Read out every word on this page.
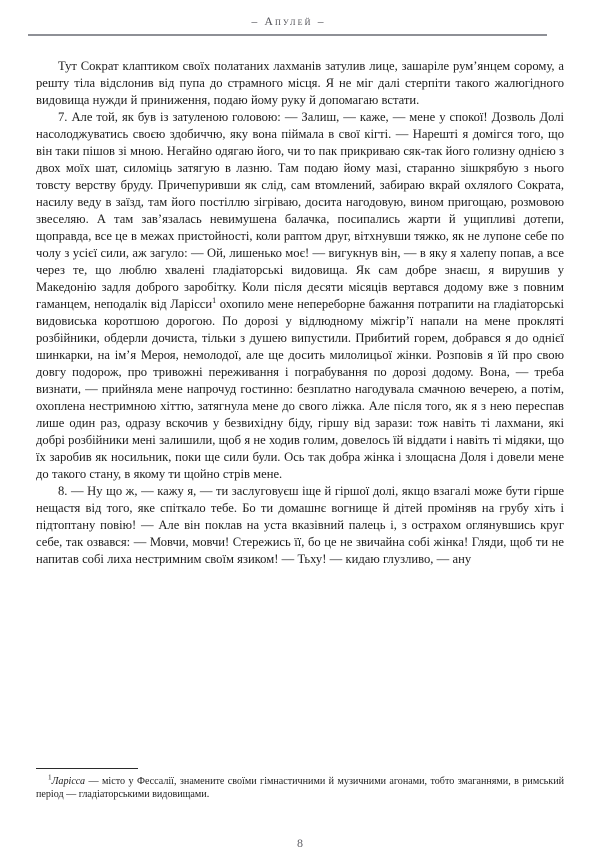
– Апулей –

Тут Сократ клаптиком своїх полатаних лахманів затулив лице, зашаріле рум’янцем сорому, а решту тіла відслонив від пупа до страмного місця. Я не міг далі стерпіти такого жалюгідного видовища нужди й приниження, подаю йому руку й допомагаю встати.

7. Але той, як був із затуленою головою: — Залиш, — каже, — мене у спокої! Дозволь Долі насолоджуватись своєю здобиччю, яку вона піймала в свої кігті. — Нарешті я домігся того, що він таки пішов зі мною. Негайно одягаю його, чи то пак прикриваю сяк-так його голизну однією з двох моїх шат, силоміць затягую в лазню. Там подаю йому мазі, старанно зішкрябую з нього товсту верству бруду. Причепуривши як слід, сам втомлений, забираю вкрай охлялого Сократа, насилу веду в заїзд, там його постіллю зігріваю, досита нагодовую, вином пригощаю, розмовою звеселяю. А там зав’язалась невимушена балачка, посипались жарти й ущипливі дотепи, щоправда, все це в межах пристойності, коли раптом друг, вітхнувши тяжко, як не лупоне себе по чолу з усієї сили, аж загуло: — Ой, лишенько моє! — вигукнув він, — в яку я халепу попав, а все через те, що люблю хвалені гладіаторські видовища. Як сам добре знаєш, я вирушив у Македонію задля доброго заробітку. Коли після десяти місяців вертався додому вже з повним гаманцем, неподалік від Ларісси$^1$ охопило мене непереборне бажання потрапити на гладіаторські видовиська коротшою дорогою. По дорозі у відлюдному міжгір’ї напали на мене прокляті розбійники, обдерли дочиста, тільки з душею випустили. Прибитий горем, добрався я до однієї шинкарки, на ім’я Мероя, немолодої, але ще досить милолицьої жінки. Розповів я їй про свою довгу подорож, про тривожні переживання і пограбування по дорозі додому. Вона, — треба визнати, — прийняла мене напрочуд гостинно: безплатно нагодувала смачною вечерею, а потім, охоплена нестримною хіттю, затягнула мене до свого ліжка. Але після того, як я з нею переспав лише один раз, одразу вскочив у безвихідну біду, гіршу від зарази: тож навіть ті лахмани, які добрі розбійники мені залишили, щоб я не ходив голим, довелось їй віддати і навіть ті мідяки, що їх заробив як носильник, поки ще сили були. Ось так добра жінка і злощасна Доля і довели мене до такого стану, в якому ти щойно стрів мене.

8. — Ну що ж, — кажу я, — ти заслуговуєш іще й гіршої долі, якщо взагалі може бути гірше нещастя від того, яке спіткало тебе. Бо ти домашнє вогнище й дітей проміняв на грубу хіть і підтоптану повію! — Але він поклав на уста вказівний палець і, з острахом оглянувшись круг себе, так озвався: — Мовчи, мовчи! Стережись її, бо це не звичайна собі жінка! Гляди, щоб ти не напитав собі лиха нестримним своїм язиком! — Тьху! — кидаю глузливо, — ану

$^1$Ларісса — місто у Фессалії, знамените своїми гімнастичними й музичними агонами, тобто змаганнями, в римський період — гладіаторськими видовищами.

8
